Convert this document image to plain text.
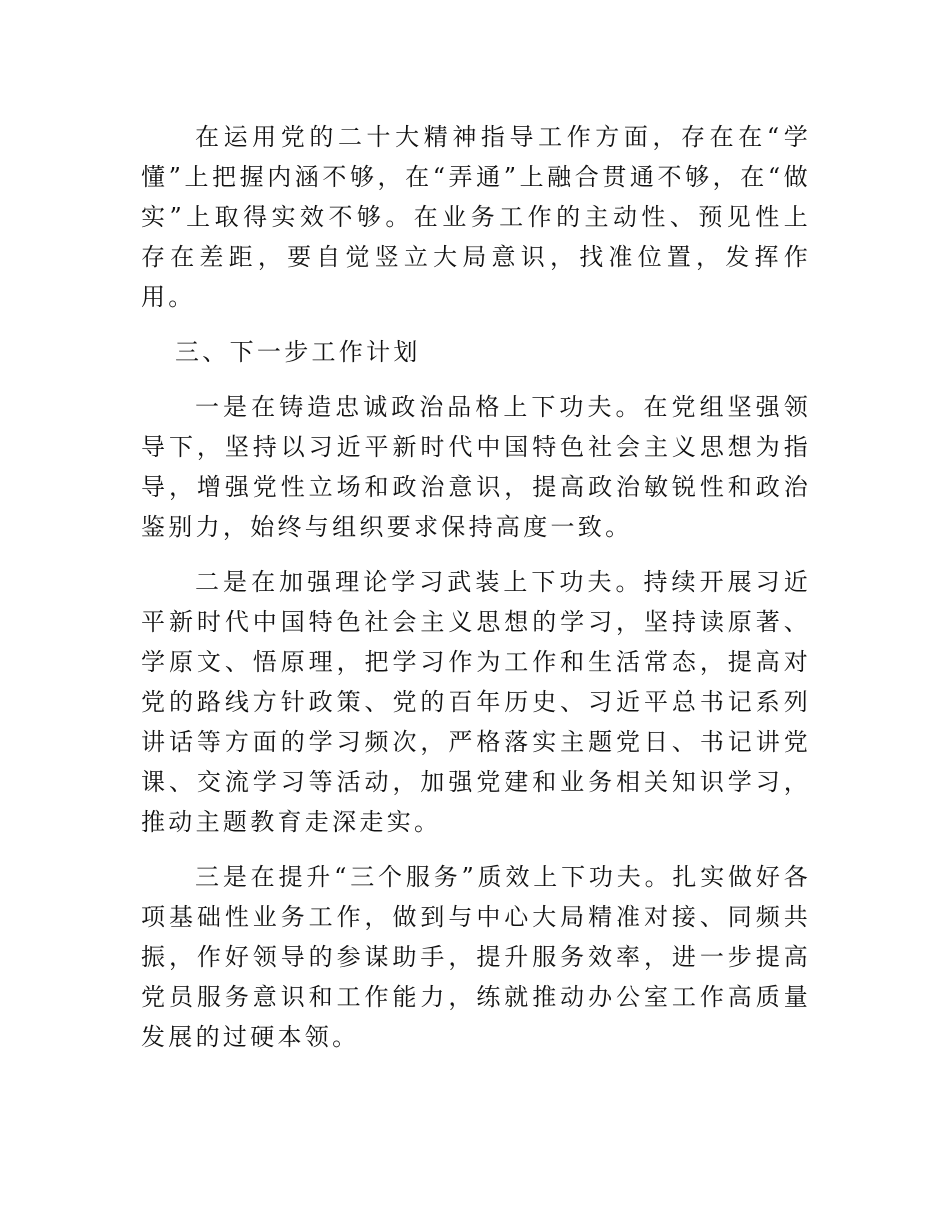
在运用党的二十大精神指导工作方面，存在在“学懂”上把握内涵不够，在“弄通”上融合贯通不够，在“做实”上取得实效不够。在业务工作的主动性、预见性上存在差距，要自觉竖立大局意识，找准位置，发挥作用。

三、下一步工作计划

一是在铸造忠诚政治品格上下功夫。在党组坚强领导下，坚持以习近平新时代中国特色社会主义思想为指导，增强党性立场和政治意识，提高政治敏锐性和政治鉴别力，始终与组织要求保持高度一致。

二是在加强理论学习武装上下功夫。持续开展习近平新时代中国特色社会主义思想的学习，坚持读原著、学原文、悟原理，把学习作为工作和生活常态，提高对党的路线方针政策、党的百年历史、习近平总书记系列讲话等方面的学习频次，严格落实主题党日、书记讲党课、交流学习等活动，加强党建和业务相关知识学习，推动主题教育走深走实。

三是在提升“三个服务”质效上下功夫。扎实做好各项基础性业务工作，做到与中心大局精准对接、同频共振，作好领导的参谋助手，提升服务效率，进一步提高党员服务意识和工作能力，练就推动办公室工作高质量发展的过硬本领。
